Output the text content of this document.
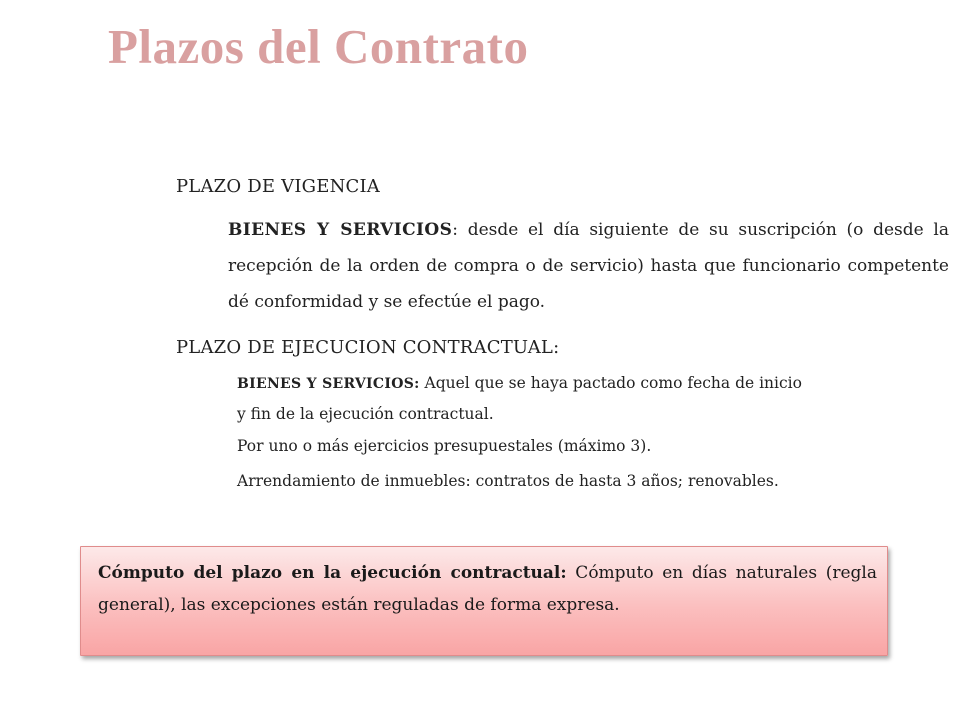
Plazos del Contrato

PLAZO DE VIGENCIA

BIENES Y SERVICIOS: desde el día siguiente de su suscripción (o desde la recepción de la orden de compra o de servicio) hasta que funcionario competente dé conformidad y se efectúe el pago.

PLAZO DE EJECUCION CONTRACTUAL:

BIENES Y SERVICIOS: Aquel que se haya pactado como fecha de inicio

y fin de la ejecución contractual.

Por uno o más ejercicios presupuestales (máximo 3).

Arrendamiento de inmuebles: contratos de hasta 3 años; renovables.

Cómputo del plazo en la ejecución contractual: Cómputo en días naturales (regla general), las excepciones están reguladas de forma expresa.
